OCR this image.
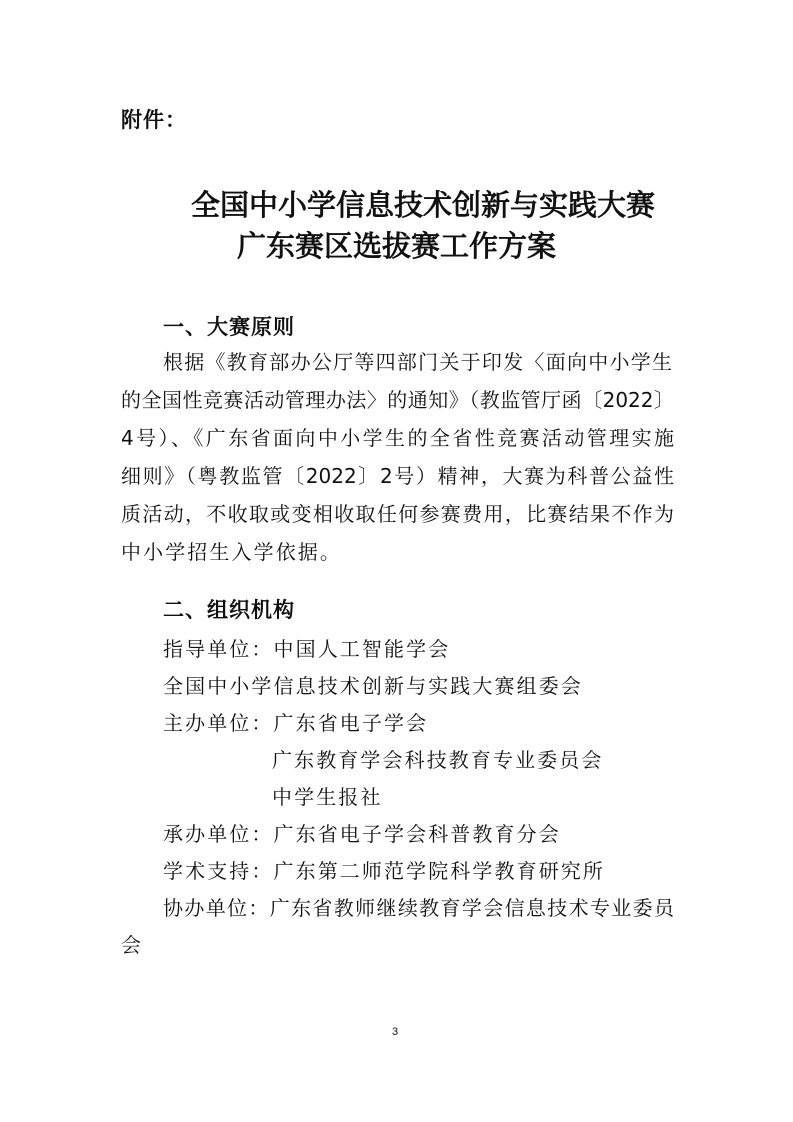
附件：
全国中小学信息技术创新与实践大赛
广东赛区选拔赛工作方案
一、大赛原则
根据《教育部办公厅等四部门关于印发〈面向中小学生
的全国性竞赛活动管理办法〉的通知》（教监管厅函〔2022〕
4号）、《广东省面向中小学生的全省性竞赛活动管理实施
细则》（粤教监管〔2022〕2号）精神，大赛为科普公益性
质活动，不收取或变相收取任何参赛费用，比赛结果不作为
中小学招生入学依据。
二、组织机构
指导单位：中国人工智能学会
全国中小学信息技术创新与实践大赛组委会
主办单位：广东省电子学会
广东教育学会科技教育专业委员会
中学生报社
承办单位：广东省电子学会科普教育分会
学术支持：广东第二师范学院科学教育研究所
协办单位：广东省教师继续教育学会信息技术专业委员
会
3
